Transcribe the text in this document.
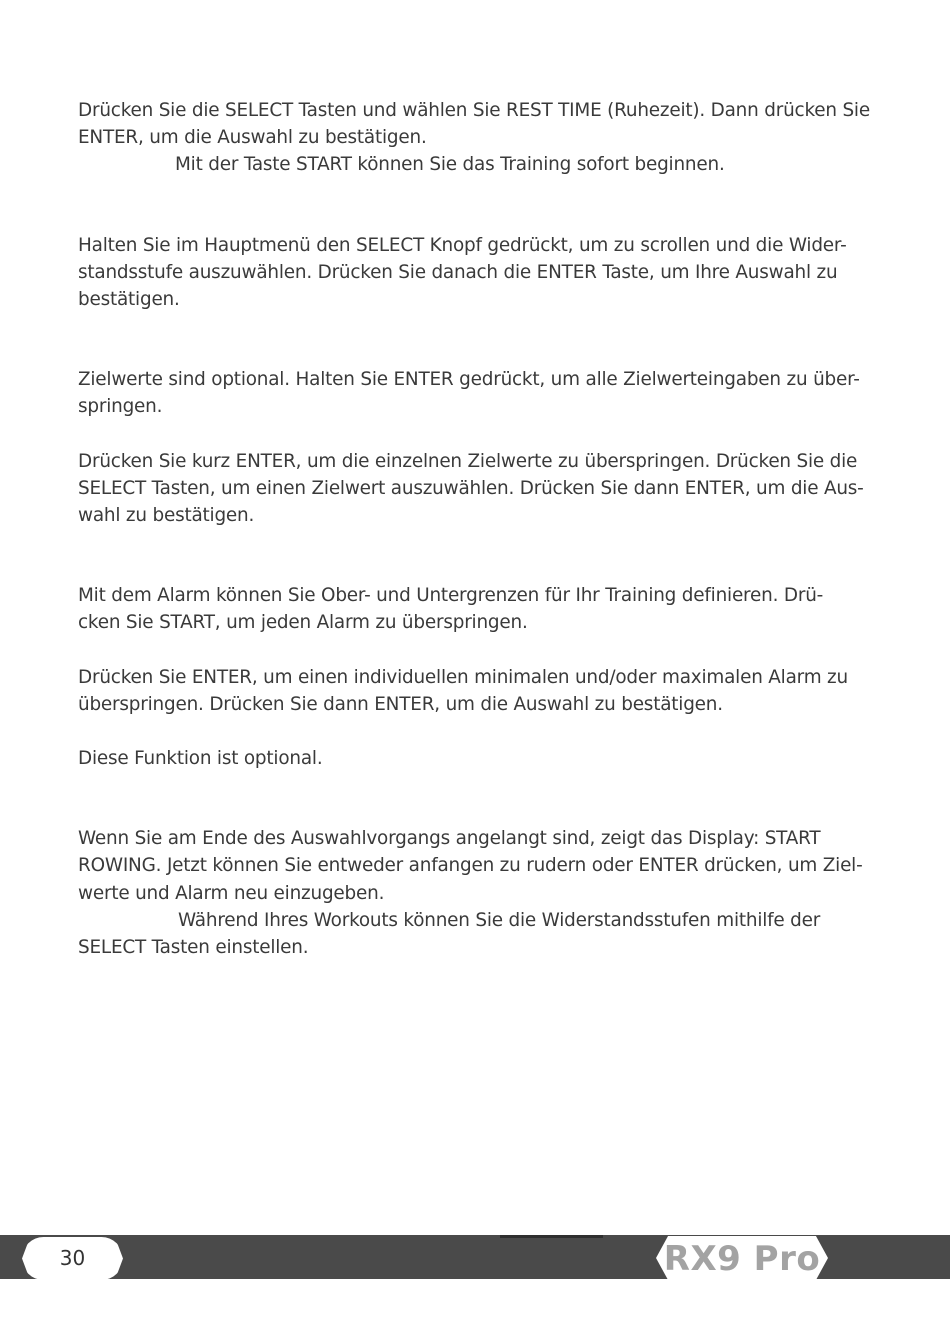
Drücken Sie die SELECT Tasten und wählen Sie REST TIME (Ruhezeit). Dann drücken Sie
ENTER, um die Auswahl zu bestätigen.
Mit der Taste START können Sie das Training sofort beginnen.

Halten Sie im Hauptmenü den SELECT Knopf gedrückt, um zu scrollen und die Wider-
standsstufe auszuwählen. Drücken Sie danach die ENTER Taste, um Ihre Auswahl zu
bestätigen.

Zielwerte sind optional. Halten Sie ENTER gedrückt, um alle Zielwerteingaben zu über-
springen.

Drücken Sie kurz ENTER, um die einzelnen Zielwerte zu überspringen. Drücken Sie die
SELECT Tasten, um einen Zielwert auszuwählen. Drücken Sie dann ENTER, um die Aus-
wahl zu bestätigen.

Mit dem Alarm können Sie Ober- und Untergrenzen für Ihr Training definieren. Drü-
cken Sie START, um jeden Alarm zu überspringen.

Drücken Sie ENTER, um einen individuellen minimalen und/oder maximalen Alarm zu
überspringen. Drücken Sie dann ENTER, um die Auswahl zu bestätigen.

Diese Funktion ist optional.

Wenn Sie am Ende des Auswahlvorgangs angelangt sind, zeigt das Display: START
ROWING. Jetzt können Sie entweder anfangen zu rudern oder ENTER drücken, um Ziel-
werte und Alarm neu einzugeben.
Während Ihres Workouts können Sie die Widerstandsstufen mithilfe der
SELECT Tasten einstellen.

30	RX9 Pro
